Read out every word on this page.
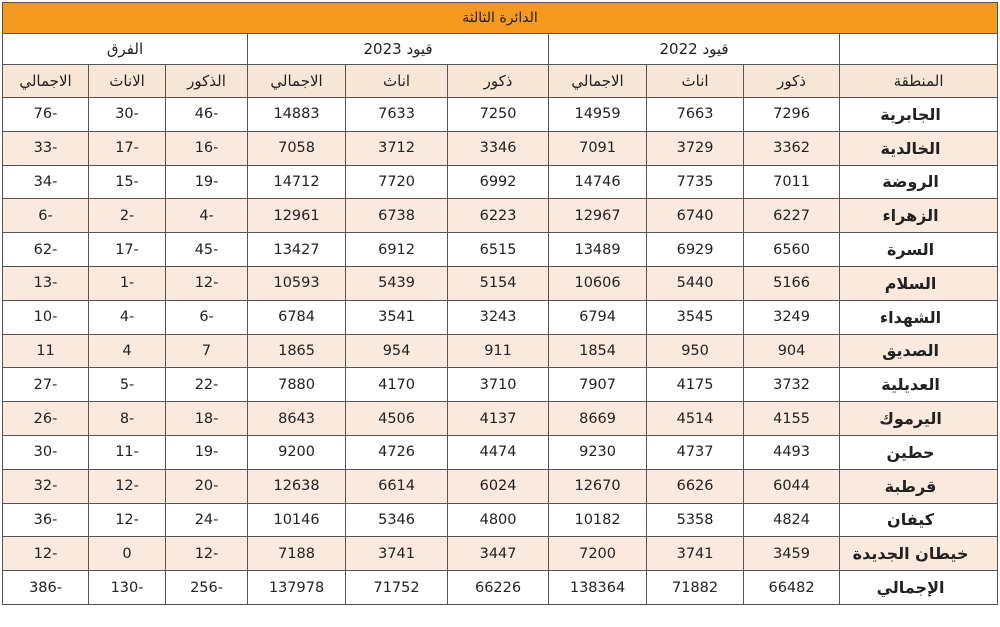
الدائرة الثالثة									
	قيود 2022			قيود 2023			الفرق		
المنطقة	ذكور	اناث	الاجمالي	ذكور	اناث	الاجمالي	الذكور	الاناث	الاجمالي
الجابرية	7296	7663	14959	7250	7633	14883	46-	30-	76-
الخالدية	3362	3729	7091	3346	3712	7058	16-	17-	33-
الروضة	7011	7735	14746	6992	7720	14712	19-	15-	34-
الزهراء	6227	6740	12967	6223	6738	12961	4-	2-	6-
السرة	6560	6929	13489	6515	6912	13427	45-	17-	62-
السلام	5166	5440	10606	5154	5439	10593	12-	1-	13-
الشهداء	3249	3545	6794	3243	3541	6784	6-	4-	10-
الصديق	904	950	1854	911	954	1865	7	4	11
العديلية	3732	4175	7907	3710	4170	7880	22-	5-	27-
اليرموك	4155	4514	8669	4137	4506	8643	18-	8-	26-
حطين	4493	4737	9230	4474	4726	9200	19-	11-	30-
قرطبة	6044	6626	12670	6024	6614	12638	20-	12-	32-
كيفان	4824	5358	10182	4800	5346	10146	24-	12-	36-
خيطان الجديدة	3459	3741	7200	3447	3741	7188	12-	0	12-
الإجمالي	66482	71882	138364	66226	71752	137978	256-	130-	386-
